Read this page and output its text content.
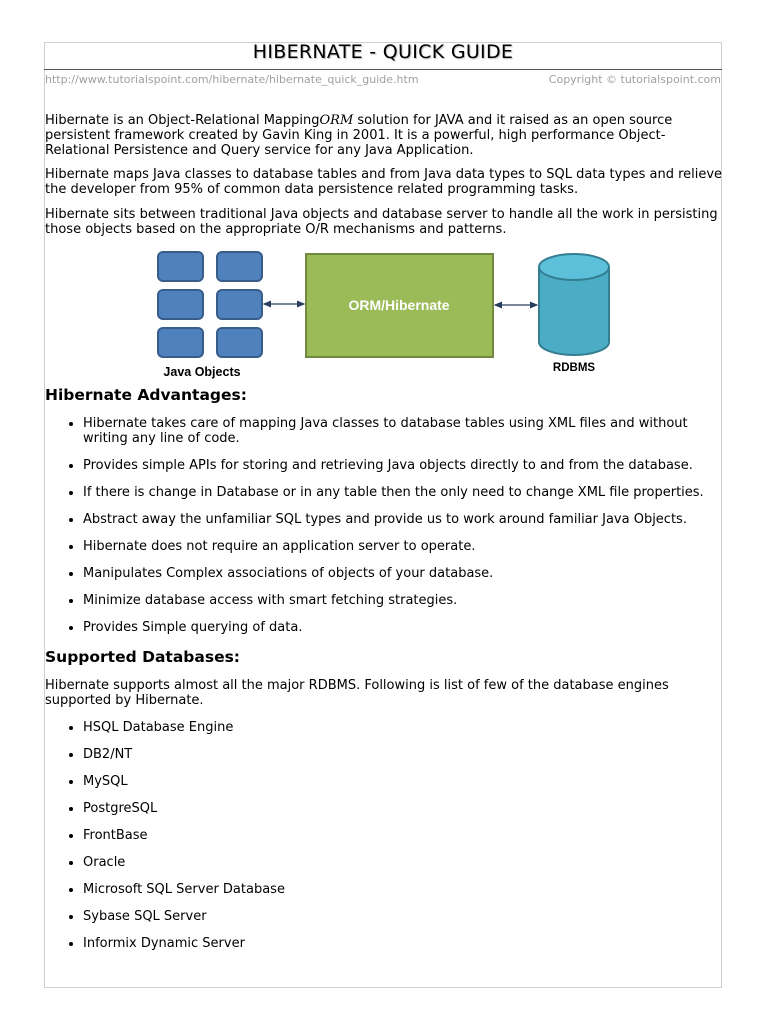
HIBERNATE - QUICK GUIDE
http://www.tutorialspoint.com/hibernate/hibernate_quick_guide.htm	Copyright © tutorialspoint.com

Hibernate is an Object-Relational MappingORM solution for JAVA and it raised as an open source persistent framework created by Gavin King in 2001. It is a powerful, high performance Object-Relational Persistence and Query service for any Java Application.

Hibernate maps Java classes to database tables and from Java data types to SQL data types and relieve the developer from 95% of common data persistence related programming tasks.

Hibernate sits between traditional Java objects and database server to handle all the work in persisting those objects based on the appropriate O/R mechanisms and patterns.

Java Objects
ORM/Hibernate
RDBMS
Hibernate Advantages:
• Hibernate takes care of mapping Java classes to database tables using XML files and without writing any line of code.
• Provides simple APIs for storing and retrieving Java objects directly to and from the database.
• If there is change in Database or in any table then the only need to change XML file properties.
• Abstract away the unfamiliar SQL types and provide us to work around familiar Java Objects.
• Hibernate does not require an application server to operate.
• Manipulates Complex associations of objects of your database.
• Minimize database access with smart fetching strategies.
• Provides Simple querying of data.
Supported Databases:

Hibernate supports almost all the major RDBMS. Following is list of few of the database engines supported by Hibernate.

• HSQL Database Engine
• DB2/NT
• MySQL
• PostgreSQL
• FrontBase
• Oracle
• Microsoft SQL Server Database
• Sybase SQL Server
• Informix Dynamic Server
